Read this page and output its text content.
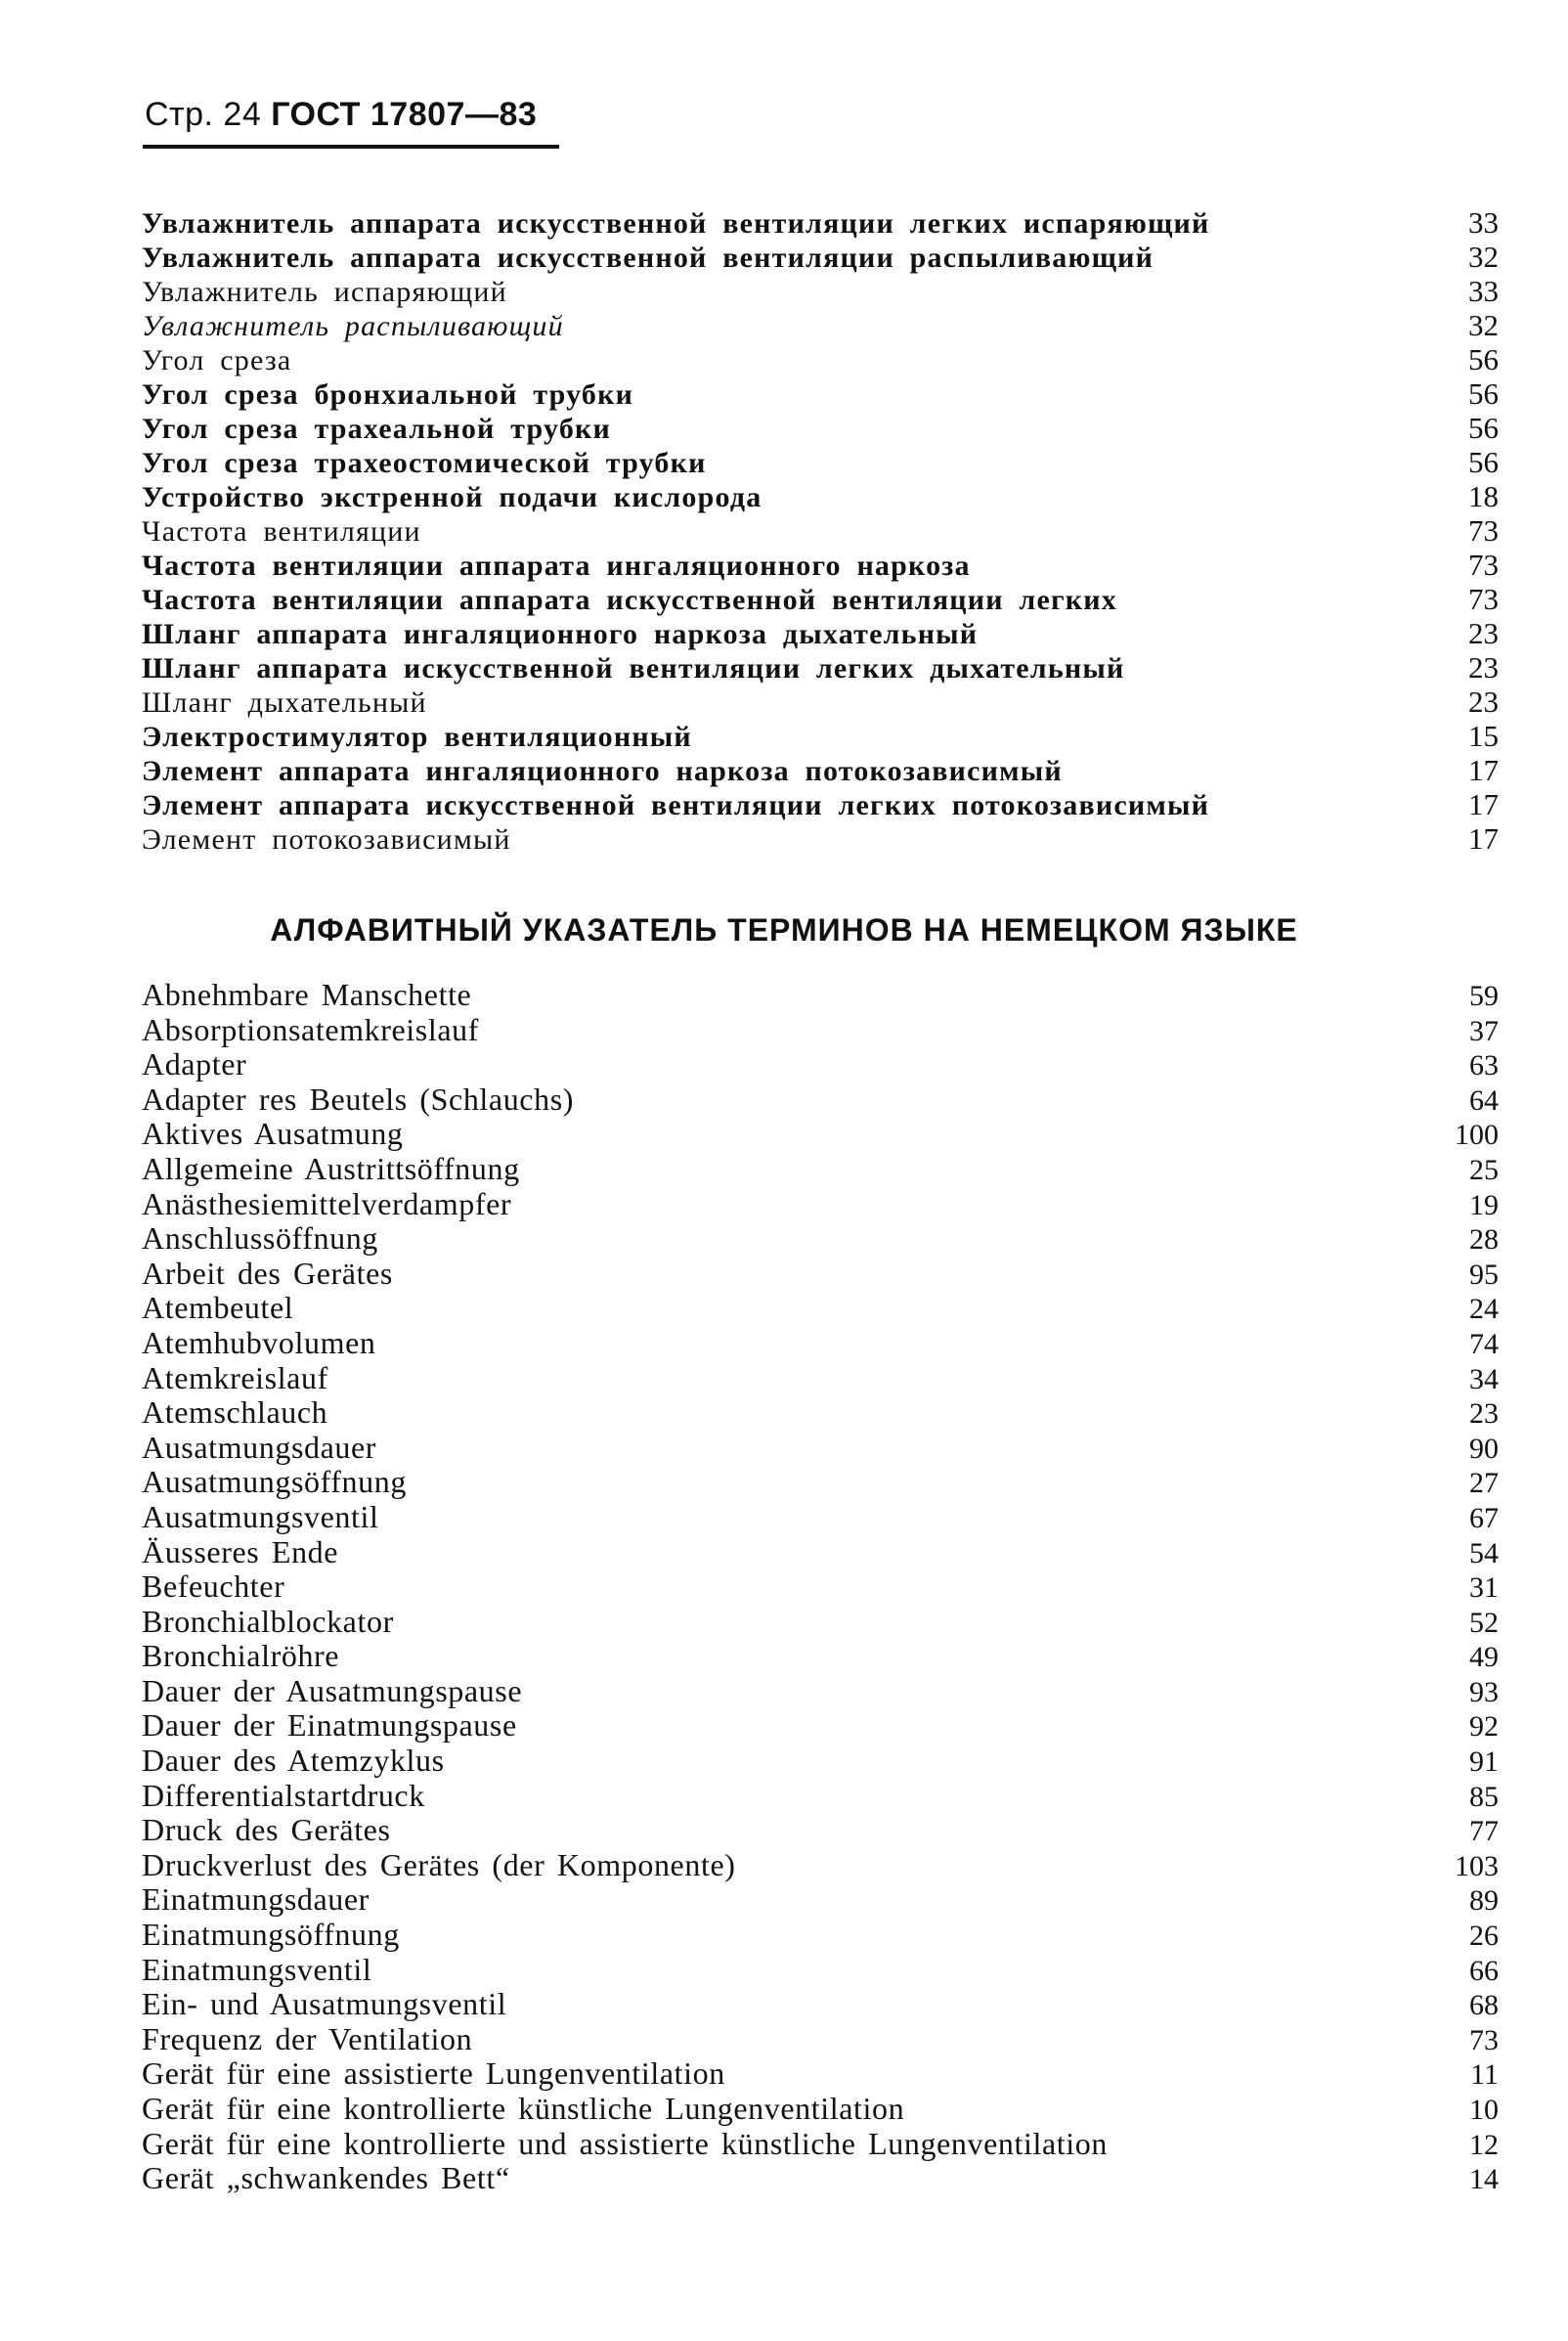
Стр. 24 ГОСТ 17807—83
Увлажнитель аппарата искусственной вентиляции легких испаряющий	33
Увлажнитель аппарата искусственной вентиляции распыливающий	32
Увлажнитель испаряющий	33
Увлажнитель распыливающий	32
Угол среза	56
Угол среза бронхиальной трубки	56
Угол среза трахеальной трубки	56
Угол среза трахеостомической трубки	56
Устройство экстренной подачи кислорода	18
Частота вентиляции	73
Частота вентиляции аппарата ингаляционного наркоза	73
Частота вентиляции аппарата искусственной вентиляции легких	73
Шланг аппарата ингаляционного наркоза дыхательный	23
Шланг аппарата искусственной вентиляции легких дыхательный	23
Шланг дыхательный	23
Электростимулятор вентиляционный	15
Элемент аппарата ингаляционного наркоза потокозависимый	17
Элемент аппарата искусственной вентиляции легких потокозависимый	17
Элемент потокозависимый	17
АЛФАВИТНЫЙ УКАЗАТЕЛЬ ТЕРМИНОВ НА НЕМЕЦКОМ ЯЗЫКЕ
Abnehmbare Manschette	59
Absorptionsatemkreislauf	37
Adapter	63
Adapter res Beutels (Schlauchs)	64
Aktives Ausatmung	100
Allgemeine Austrittsöffnung	25
Anästhesiemittelverdampfer	19
Anschlussöffnung	28
Arbeit des Gerätes	95
Atembeutel	24
Atemhubvolumen	74
Atemkreislauf	34
Atemschlauch	23
Ausatmungsdauer	90
Ausatmungsöffnung	27
Ausatmungsventil	67
Äusseres Ende	54
Befeuchter	31
Bronchialblockator	52
Bronchialröhre	49
Dauer der Ausatmungspause	93
Dauer der Einatmungspause	92
Dauer des Atemzyklus	91
Differentialstartdruck	85
Druck des Gerätes	77
Druckverlust des Gerätes (der Komponente)	103
Einatmungsdauer	89
Einatmungsöffnung	26
Einatmungsventil	66
Ein- und Ausatmungsventil	68
Frequenz der Ventilation	73
Gerät für eine assistierte Lungenventilation	11
Gerät für eine kontrollierte künstliche Lungenventilation	10
Gerät für eine kontrollierte und assistierte künstliche Lungenventilation	12
Gerät „schwankendes Bett“	14
